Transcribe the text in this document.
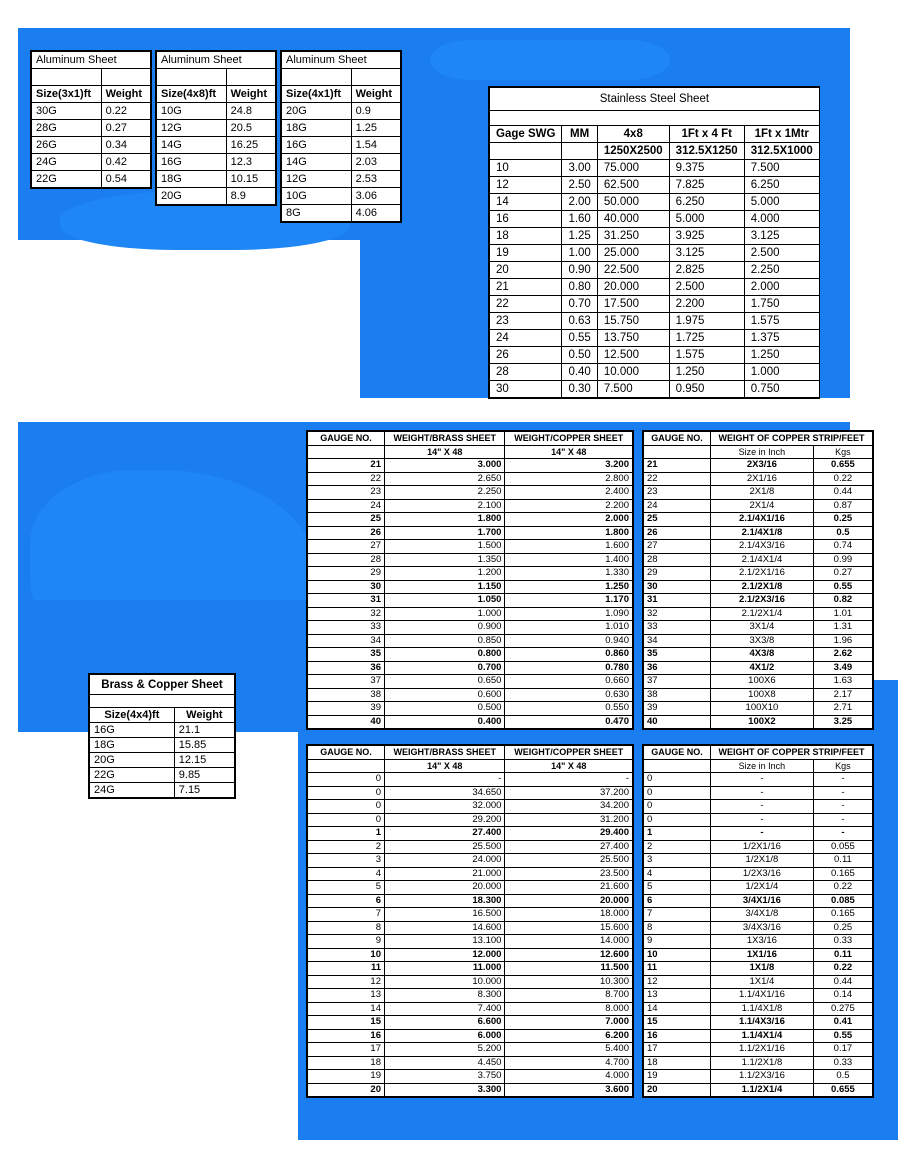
Aluminum Sheet	

Size(3x1)ft	Weight
30G	0.22
28G	0.27
26G	0.34
24G	0.42
22G	0.54
Aluminum Sheet	

Size(4x8)ft	Weight
10G	24.8
12G	20.5
14G	16.25
16G	12.3
18G	10.15
20G	8.9
Aluminum Sheet	

Size(4x1)ft	Weight
20G	0.9
18G	1.25
16G	1.54
14G	2.03
12G	2.53
10G	3.06
8G	4.06
Stainless Steel Sheet				

Gage SWG	MM	4x8	1Ft x 4 Ft	1Ft x 1Mtr
		1250X2500	312.5X1250	312.5X1000
10	3.00	75.000	9.375	7.500
12	2.50	62.500	7.825	6.250
14	2.00	50.000	6.250	5.000
16	1.60	40.000	5.000	4.000
18	1.25	31.250	3.925	3.125
19	1.00	25.000	3.125	2.500
20	0.90	22.500	2.825	2.250
21	0.80	20.000	2.500	2.000
22	0.70	17.500	2.200	1.750
23	0.63	15.750	1.975	1.575
24	0.55	13.750	1.725	1.375
26	0.50	12.500	1.575	1.250
28	0.40	10.000	1.250	1.000
30	0.30	7.500	0.950	0.750
Brass & Copper Sheet	

Size(4x4)ft	Weight
16G	21.1
18G	15.85
20G	12.15
22G	9.85
24G	7.15
GAUGE NO.	WEIGHT/BRASS SHEET	WEIGHT/COPPER SHEET
	14" X 48	14" X 48
21	3.000	3.200
22	2.650	2.800
23	2.250	2.400
24	2.100	2.200
25	1.800	2.000
26	1.700	1.800
27	1.500	1.600
28	1.350	1.400
29	1.200	1.330
30	1.150	1.250
31	1.050	1.170
32	1.000	1.090
33	0.900	1.010
34	0.850	0.940
35	0.800	0.860
36	0.700	0.780
37	0.650	0.660
38	0.600	0.630
39	0.500	0.550
40	0.400	0.470
GAUGE NO.	WEIGHT OF COPPER STRIP/FEET	
	Size in Inch	Kgs
21	2X3/16	0.655
22	2X1/16	0.22
23	2X1/8	0.44
24	2X1/4	0.87
25	2.1/4X1/16	0.25
26	2.1/4X1/8	0.5
27	2.1/4X3/16	0.74
28	2.1/4X1/4	0.99
29	2.1/2X1/16	0.27
30	2.1/2X1/8	0.55
31	2.1/2X3/16	0.82
32	2.1/2X1/4	1.01
33	3X1/4	1.31
34	3X3/8	1.96
35	4X3/8	2.62
36	4X1/2	3.49
37	100X6	1.63
38	100X8	2.17
39	100X10	2.71
40	100X2	3.25
GAUGE NO.	WEIGHT/BRASS SHEET	WEIGHT/COPPER SHEET
	14" X 48	14" X 48
0	-	-
0	34.650	37.200
0	32.000	34.200
0	29.200	31.200
1	27.400	29.400
2	25.500	27.400
3	24.000	25.500
4	21.000	23.500
5	20.000	21.600
6	18.300	20.000
7	16.500	18.000
8	14.600	15.600
9	13.100	14.000
10	12.000	12.600
11	11.000	11.500
12	10.000	10.300
13	8.300	8.700
14	7.400	8.000
15	6.600	7.000
16	6.000	6.200
17	5.200	5.400
18	4.450	4.700
19	3.750	4.000
20	3.300	3.600
GAUGE NO.	WEIGHT OF COPPER STRIP/FEET	
	Size in Inch	Kgs
0	-	-
0	-	-
0	-	-
0	-	-
1	-	-
2	1/2X1/16	0.055
3	1/2X1/8	0.11
4	1/2X3/16	0.165
5	1/2X1/4	0.22
6	3/4X1/16	0.085
7	3/4X1/8	0.165
8	3/4X3/16	0.25
9	1X3/16	0.33
10	1X1/16	0.11
11	1X1/8	0.22
12	1X1/4	0.44
13	1.1/4X1/16	0.14
14	1.1/4X1/8	0.275
15	1.1/4X3/16	0.41
16	1.1/4X1/4	0.55
17	1.1/2X1/16	0.17
18	1.1/2X1/8	0.33
19	1.1/2X3/16	0.5
20	1.1/2X1/4	0.655
